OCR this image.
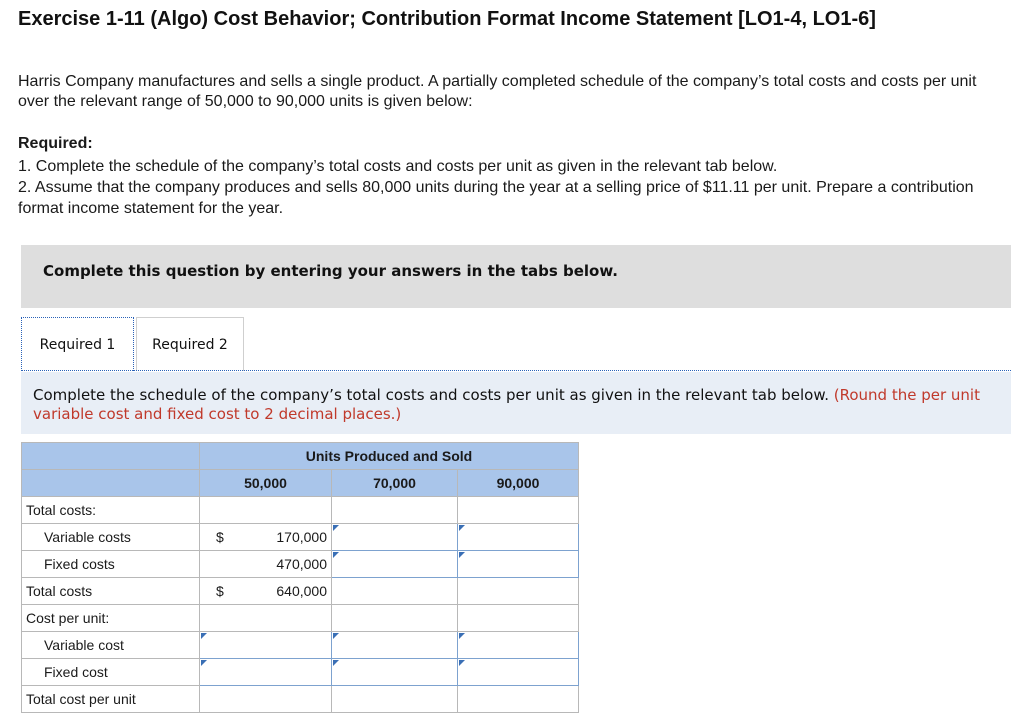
Exercise 1-11 (Algo) Cost Behavior; Contribution Format Income Statement [LO1-4, LO1-6]

Harris Company manufactures and sells a single product. A partially completed schedule of the company’s total costs and costs per unit over the relevant range of 50,000 to 90,000 units is given below:

Required:
1. Complete the schedule of the company’s total costs and costs per unit as given in the relevant tab below.
2. Assume that the company produces and sells 80,000 units during the year at a selling price of $11.11 per unit. Prepare a contribution format income statement for the year.
Complete this question by entering your answers in the tabs below.
Required 1	Required 2
Complete the schedule of the company’s total costs and costs per unit as given in the relevant tab below. (Round the per unit variable cost and fixed cost to 2 decimal places.)
	Units Produced and Sold		
	50,000	70,000	90,000
Total costs:			
Variable costs	$ 170,000		

Fixed costs	470,000		

Total costs	$ 640,000		

Cost per unit:			
Variable cost	

Fixed cost	

Total cost per unit			
